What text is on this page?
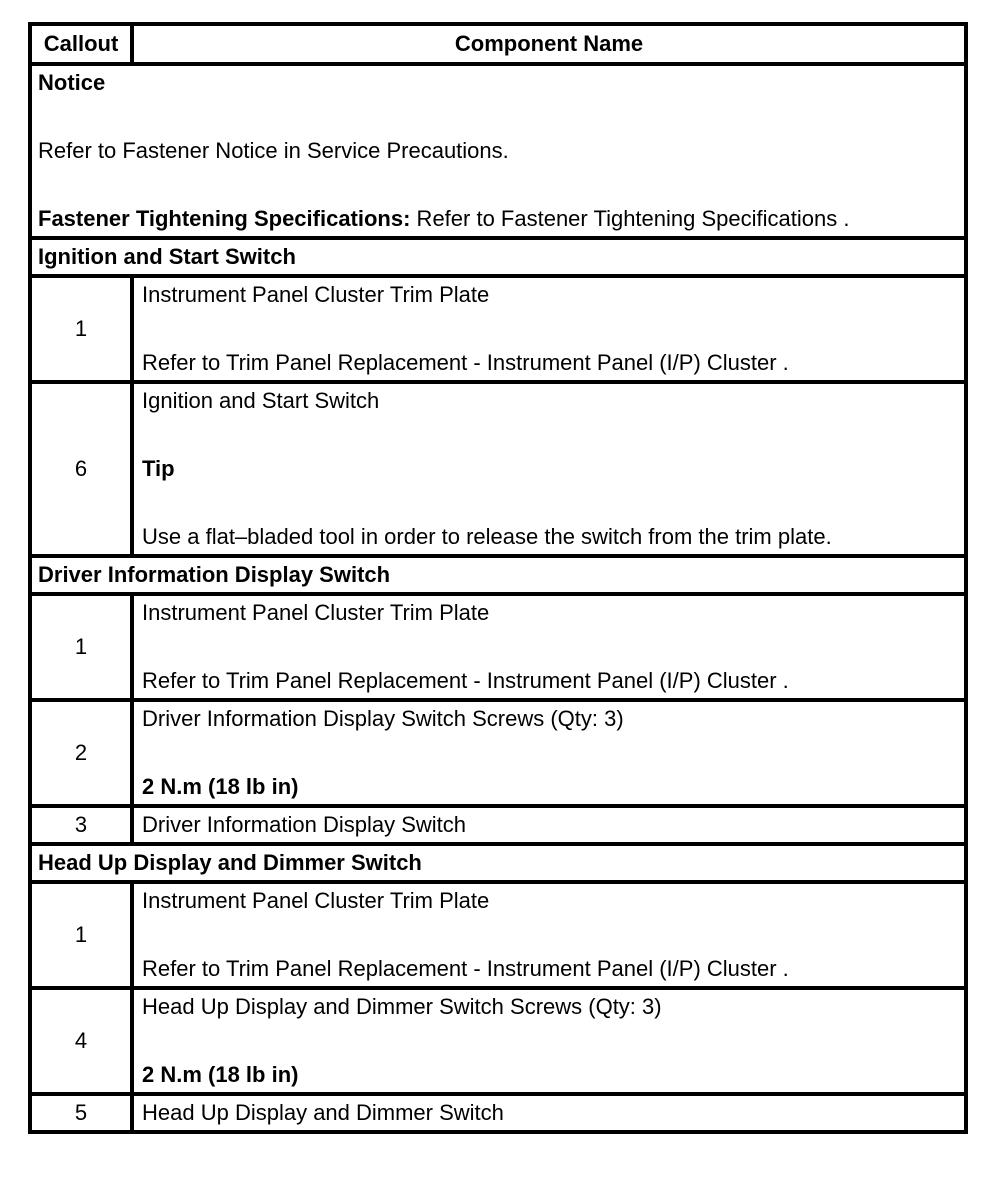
Callout	Component Name

Notice

Refer to Fastener Notice in Service Precautions.

Fastener Tightening Specifications: Refer to Fastener Tightening Specifications .	

Ignition and Start Switch	
1	Instrument Panel Cluster Trim Plate

Refer to Trim Panel Replacement - Instrument Panel (I/P) Cluster .

6	Ignition and Start Switch

Tip

Use a flat–bladed tool in order to release the switch from the trim plate.

Driver Information Display Switch	
1	Instrument Panel Cluster Trim Plate

Refer to Trim Panel Replacement - Instrument Panel (I/P) Cluster .

2	Driver Information Display Switch Screws (Qty: 3)

2 N.m (18 lb in)

3	Driver Information Display Switch

Head Up Display and Dimmer Switch	
1	Instrument Panel Cluster Trim Plate

Refer to Trim Panel Replacement - Instrument Panel (I/P) Cluster .

4	Head Up Display and Dimmer Switch Screws (Qty: 3)

2 N.m (18 lb in)

5	Head Up Display and Dimmer Switch
